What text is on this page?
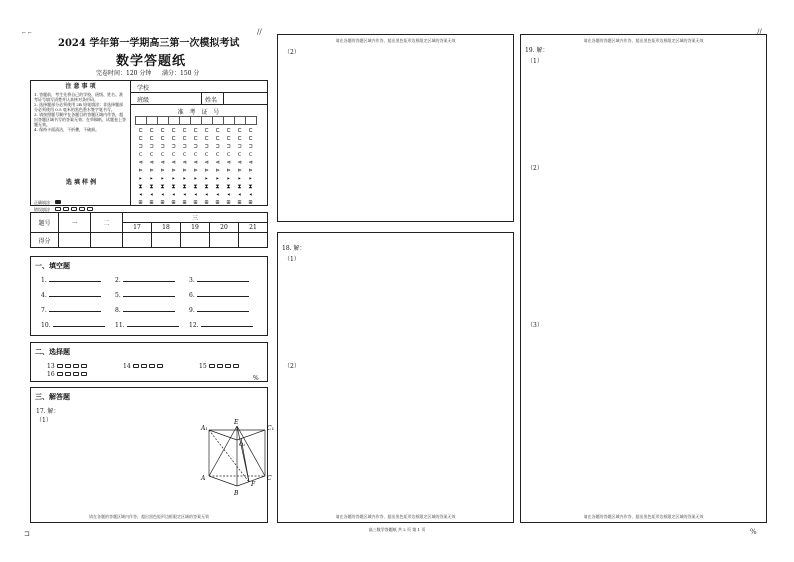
⌐ ⌐	//	//
⊐	%
2024 学年第一学期高三第一次模拟考试
数学答题纸
完卷时间：120 分钟 满分：150 分
注 意 事 项
1. 答题前，考生先将自己的学校、班级、姓名、准考证号填写清楚并认真核对条形码。
2. 选择题部分必须使用 2B 铅笔填涂；非选择题部分必须使用 0.5 毫米的黑色墨水签字笔书写。
3. 请按照题号顺序在各题目的答题区域内作答，超出答题区域书写的答案无效；在草稿纸、试题卷上答题无效。
4. 保持卡面清洁，不折叠，不破损。
选 填 样 例
正确填涂
错误填涂
学校
班级	姓名
准 考 证 号

⊏	⊏	⊏	⊏	⊏	⊏	⊏	⊏	⊏	⊏	⊏
⊏	⊏	⊏	⊏	⊏	⊏	⊏	⊏	⊏	⊏	⊏
⊐	⊐	⊐	⊐	⊐	⊐	⊐	⊐	⊐	⊐	⊐
⊂	⊂	⊂	⊂	⊂	⊂	⊂	⊂	⊂	⊂	⊂
⊲	⊲	⊲	⊲	⊲	⊲	⊲	⊲	⊲	⊲	⊲
⊳	⊳	⊳	⊳	⊳	⊳	⊳	⊳	⊳	⊳	⊳
▸	▸	▸	▸	▸	▸	▸	▸	▸	▸	▸
⧗	⧗	⧗	⧗	⧗	⧗	⧗	⧗	⧗	⧗	⧗
◂	◂	◂	◂	◂	◂	◂	◂	◂	◂	◂
⊞	⊞	⊞	⊞	⊞	⊞	⊞	⊞	⊞	⊞	⊞
题号	一	二	三				
			17	18	19	20	21
得分							
一、填空题
1.	2.	3.
4.	5.	6.
7.	8.	9.
10.	11.	12.
二、选择题
13	14	15
16
%
三、解答题
17. 解：
（1）
A₁
E
C₁
O₁
A
F
C
B
请在各题的答题区域内作答，超出黑色矩形边框限定区域的答案无效
请在各题的答题区域内作答，超出黑色矩形边框限定区域的答案无效
（2）
18. 解：
（1）
（2）
请在各题的答题区域内作答，超出黑色矩形边框限定区域的答案无效
请在各题的答题区域内作答，超出黑色矩形边框限定区域的答案无效
19. 解：
（1）
（2）
（3）
请在各题的答题区域内作答，超出黑色矩形边框限定区域的答案无效
高三数学答题纸 共 2 页 第 1 页
